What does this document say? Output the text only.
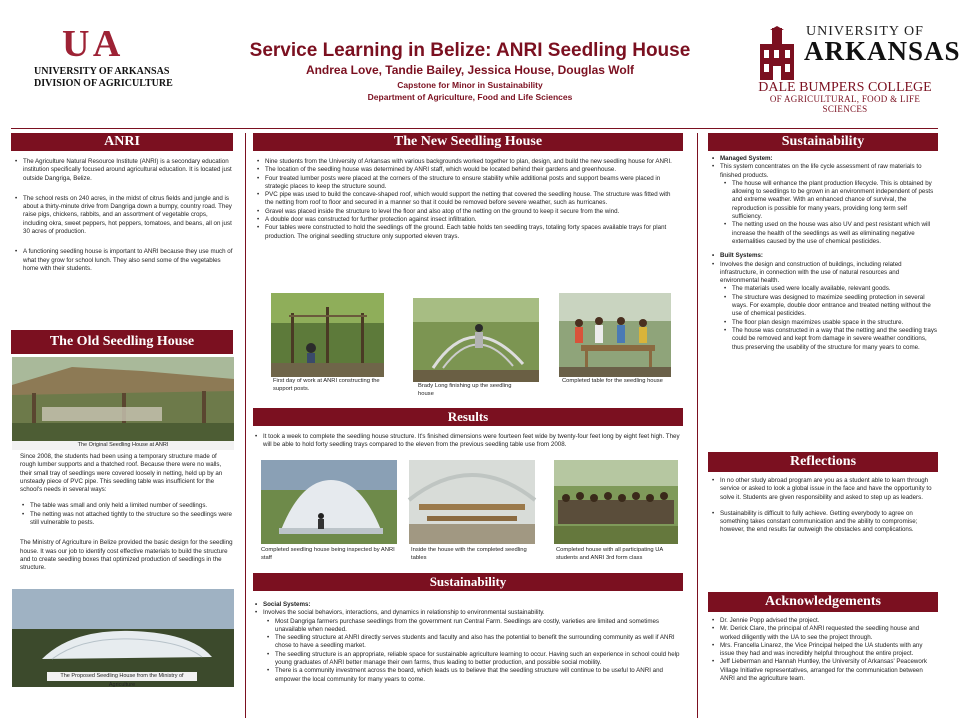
U A
UNIVERSITY OF ARKANSAS
DIVISION OF AGRICULTURE
Service Learning in Belize: ANRI Seedling House
Andrea Love, Tandie Bailey, Jessica House, Douglas Wolf
Capstone for Minor in Sustainability
Department of Agriculture, Food and Life Sciences
UNIVERSITY OF
ARKANSAS
DALE BUMPERS COLLEGE
OF AGRICULTURAL, FOOD & LIFE SCIENCES
ANRI

• The Agriculture Natural Resource Institute (ANRI) is a secondary education institution specifically focused around agricultural education. It is located just outside Dangriga, Belize.

• The school rests on 240 acres, in the midst of citrus fields and jungle and is about a thirty-minute drive from Dangriga down a bumpy, country road. They raise pigs, chickens, rabbits, and an assortment of vegetable crops, including okra, sweet peppers, hot peppers, tomatoes, and beans, all on just 30 acres of production.

• A functioning seedling house is important to ANRI because they use much of what they grow for school lunch. They also send some of the vegetables home with their students.

The Old Seedling House
The Original Seedling House at ANRI

Since 2008, the students had been using a temporary structure made of rough lumber supports and a thatched roof. Because there were no walls, their small tray of seedlings were covered loosely in netting, held up by an unsteady piece of PVC pipe. This seedling table was insufficient for the school's needs in several ways:

• The table was small and only held a limited number of seedlings.

• The netting was not attached tightly to the structure so the seedlings were still vulnerable to pests.

The Ministry of Agriculture in Belize provided the basic design for the seedling house. It was our job to identify cost effective materials to build the structure and to create seedling boxes that optimized production of seedlings in the structure.

The Proposed Seedling House from the Ministry of Agriculture
The New Seedling House

• Nine students from the University of Arkansas with various backgrounds worked together to plan, design, and build the new seedling house for ANRI.

• The location of the seedling house was determined by ANRI staff, which would be located behind their gardens and greenhouse.

• Four treated lumber posts were placed at the corners of the structure to ensure stability while additional posts and support beams were placed in strategic places to keep the structure sound.

• PVC pipe was used to build the concave-shaped roof, which would support the netting that covered the seedling house. The structure was fitted with the netting from roof to floor and secured in a manner so that it could be removed before severe weather, such as hurricanes.

• Gravel was placed inside the structure to level the floor and also atop of the netting on the ground to keep it secure from the wind.

• A double door was constructed for further protection against insect infiltration.

• Four tables were constructed to hold the seedlings off the ground. Each table holds ten seedling trays, totaling forty spaces available trays for plant production. The original seedling structure only supported eleven trays.

First day of work at ANRI constructing the support posts.	Brady Long finishing up the seedling house
Completed table for the seedling house
Results

• It took a week to complete the seedling house structure. It's finished dimensions were fourteen feet wide by twenty-four feet long by eight feet high. They will be able to hold forty seedling trays compared to the eleven from the previous seedling table use from 2008.

Completed seedling house being inspected by ANRI staff
Inside the house with the completed seedling tables
Completed house with all participating UA students and ANRI 3rd form class
Sustainability

• Social Systems:

• Involves the social behaviors, interactions, and dynamics in relationship to environmental sustainability.

• Most Dangriga farmers purchase seedlings from the government run Central Farm. Seedlings are costly, varieties are limited and sometimes unavailable when needed.

• The seedling structure at ANRI directly serves students and faculty and also has the potential to benefit the surrounding community as well if ANRI chose to have a seedling market.

• The seedling structure is an appropriate, reliable space for sustainable agriculture learning to occur. Having such an experience in school could help young graduates of ANRI better manage their own farms, thus leading to better production, and possible social mobility.

• There is a community investment across the board, which leads us to believe that the seedling structure will continue to be useful to ANRI and empower the local community for many years to come.

Sustainability

• Managed System:

• This system concentrates on the life cycle assessment of raw materials to finished products.

• The house will enhance the plant production lifecycle. This is obtained by allowing to seedlings to be grown in an environment independent of pests and extreme weather. With an enhanced chance of survival, the reproduction is possible for many years, providing long term self sufficiency.

• The netting used on the house was also UV and pest resistant which will increase the health of the seedlings as well as eliminating negative externalities caused by the use of chemical pesticides.

• Built Systems:

• Involves the design and construction of buildings, including related infrastructure, in connection with the use of natural resources and environmental health.

• The materials used were locally available, relevant goods.

• The structure was designed to maximize seedling protection in several ways. For example, double door entrance and treated netting without the use of chemical pesticides.

• The floor plan design maximizes usable space in the structure.

• The house was constructed in a way that the netting and the seedling trays could be removed and kept from damage in severe weather conditions, thus preserving the usability of the structure for many years to come.

Reflections

• In no other study abroad program are you as a student able to learn through service or asked to look a global issue in the face and have the opportunity to solve it. Students are given responsibility and asked to step up as leaders.

• Sustainability is difficult to fully achieve. Getting everybody to agree on something takes constant communication and the ability to compromise; however, the end results far outweigh the obstacles and complications.

Acknowledgements

• Dr. Jennie Popp advised the project.

• Mr. Derick Clare, the principal of ANRI requested the seedling house and worked diligently with the UA to see the project through.

• Mrs. Francella Linarez, the Vice Principal helped the UA students with any issue they had and was incredibly helpful throughout the entire project.

• Jeff Lieberman and Hannah Huntley, the University of Arkansas' Peacework Village Initiative representatives, arranged for the communication between ANRI and the agriculture team.
